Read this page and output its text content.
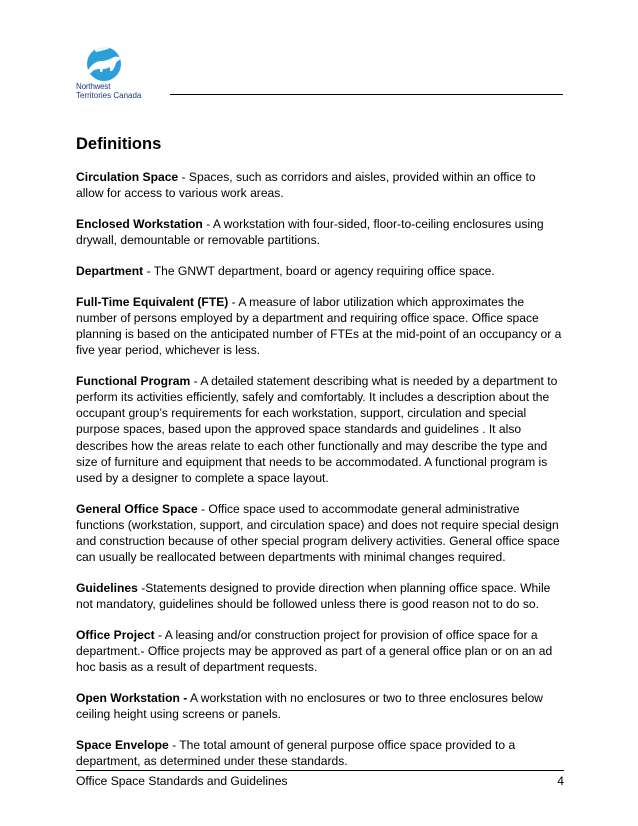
Northwest
Territories Canada
Definitions

Circulation Space - Spaces, such as corridors and aisles, provided within an office to allow for access to various work areas.

Enclosed Workstation - A workstation with four-sided, floor-to-ceiling enclosures using drywall, demountable or removable partitions.

Department - The GNWT department, board or agency requiring office space.

Full-Time Equivalent (FTE) - A measure of labor utilization which approximates the number of persons employed by a department and requiring office space. Office space planning is based on the anticipated number of FTEs at the mid-point of an occupancy or a five year period, whichever is less.

Functional Program - A detailed statement describing what is needed by a department to perform its activities efficiently, safely and comfortably. It includes a description about the occupant group’s requirements for each workstation, support, circulation and special purpose spaces, based upon the approved space standards and guidelines . It also describes how the areas relate to each other functionally and may describe the type and size of furniture and equipment that needs to be accommodated. A functional program is used by a designer to complete a space layout.

General Office Space - Office space used to accommodate general administrative functions (workstation, support, and circulation space) and does not require special design and construction because of other special program delivery activities. General office space can usually be reallocated between departments with minimal changes required.

Guidelines -Statements designed to provide direction when planning office space. While not mandatory, guidelines should be followed unless there is good reason not to do so.

Office Project - A leasing and/or construction project for provision of office space for a department.- Office projects may be approved as part of a general office plan or on an ad hoc basis as a result of department requests.

Open Workstation - A workstation with no enclosures or two to three enclosures below ceiling height using screens or panels.

Space Envelope - The total amount of general purpose office space provided to a department, as determined under these standards.

Office Space Standards and Guidelines	4
